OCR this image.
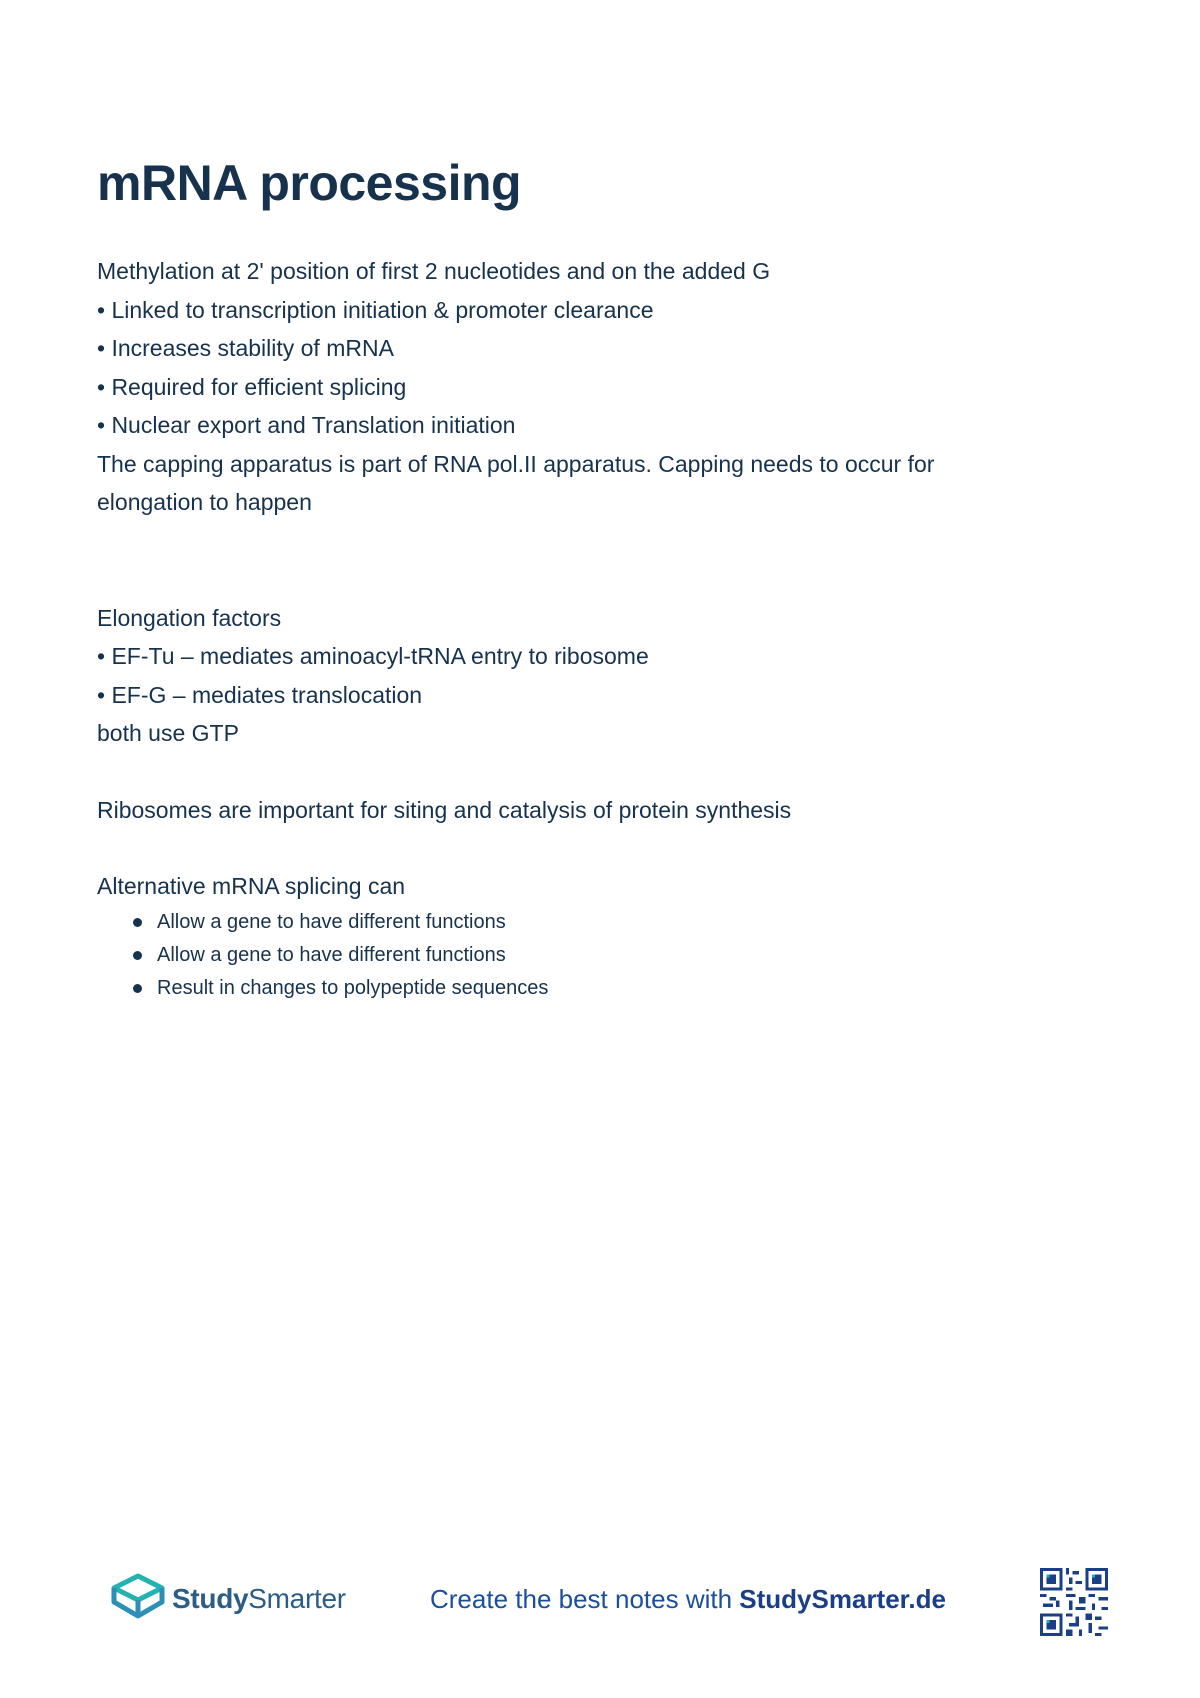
mRNA processing

Methylation at 2' position of first 2 nucleotides and on the added G

• Linked to transcription initiation & promoter clearance

• Increases stability of mRNA

• Required for efficient splicing

• Nuclear export and Translation initiation

The capping apparatus is part of RNA pol.II apparatus. Capping needs to occur for

elongation to happen

Elongation factors

• EF-Tu – mediates aminoacyl-tRNA entry to ribosome

• EF-G – mediates translocation

both use GTP

Ribosomes are important for siting and catalysis of protein synthesis

Alternative mRNA splicing can

Allow a gene to have different functions
Allow a gene to have different functions
Result in changes to polypeptide sequences
StudySmarter	Create the best notes with StudySmarter.de
